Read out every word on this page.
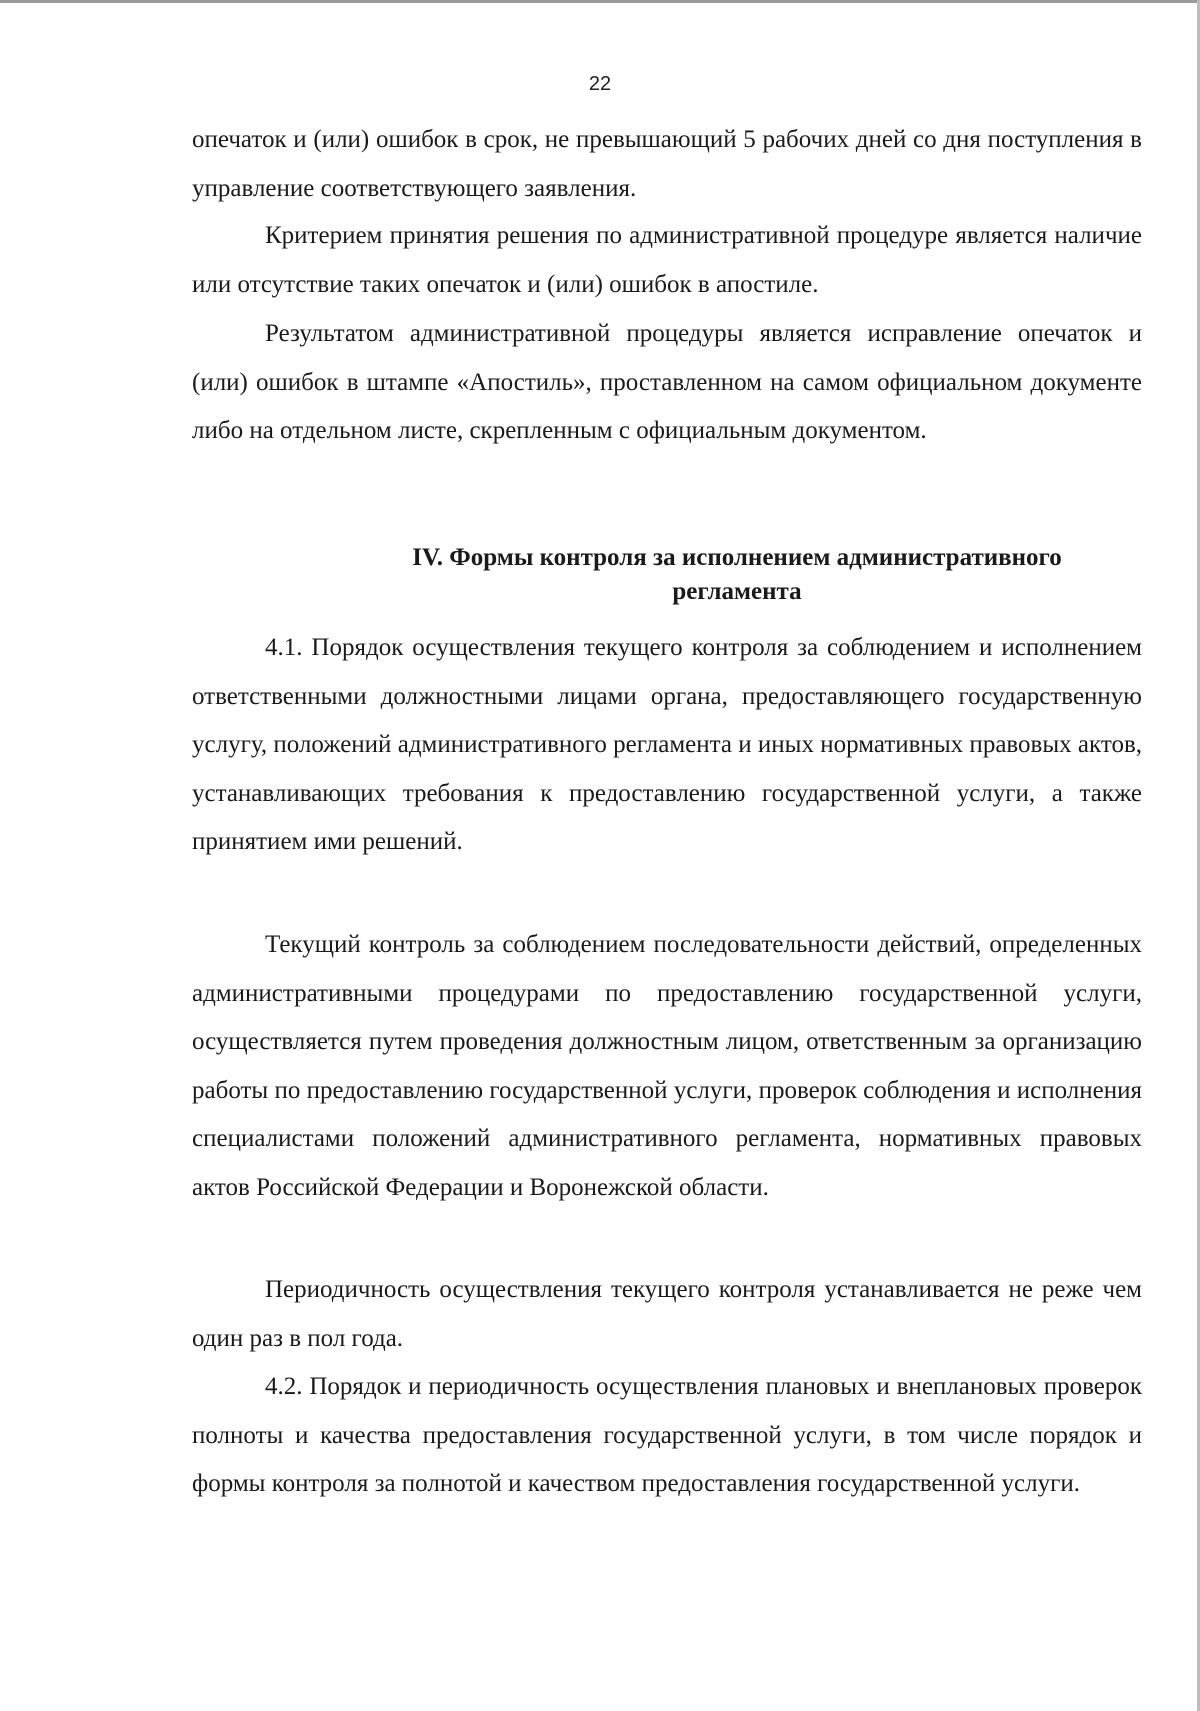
22

опечаток и (или) ошибок в срок, не превышающий 5 рабочих дней со дня поступления в управление соответствующего заявления.

Критерием принятия решения по административной процедуре является наличие или отсутствие таких опечаток и (или) ошибок в апостиле.

Результатом административной процедуры является исправление опечаток и (или) ошибок в штампе «Апостиль», проставленном на самом официальном документе либо на отдельном листе, скрепленным с официальным документом.

IV. Формы контроля за исполнением административного
регламента

4.1. Порядок осуществления текущего контроля за соблюдением и исполнением ответственными должностными лицами органа, предоставляющего государственную услугу, положений административного регламента и иных нормативных правовых актов, устанавливающих требования к предоставлению государственной услуги, а также принятием ими решений.

Текущий контроль за соблюдением последовательности действий, определенных административными процедурами по предоставлению государственной услуги, осуществляется путем проведения должностным лицом, ответственным за организацию работы по предоставлению государственной услуги, проверок соблюдения и исполнения специалистами положений административного регламента, нормативных правовых актов Российской Федерации и Воронежской области.

Периодичность осуществления текущего контроля устанавливается не реже чем один раз в пол года.

4.2. Порядок и периодичность осуществления плановых и внеплановых проверок полноты и качества предоставления государственной услуги, в том числе порядок и формы контроля за полнотой и качеством предоставления государственной услуги.
